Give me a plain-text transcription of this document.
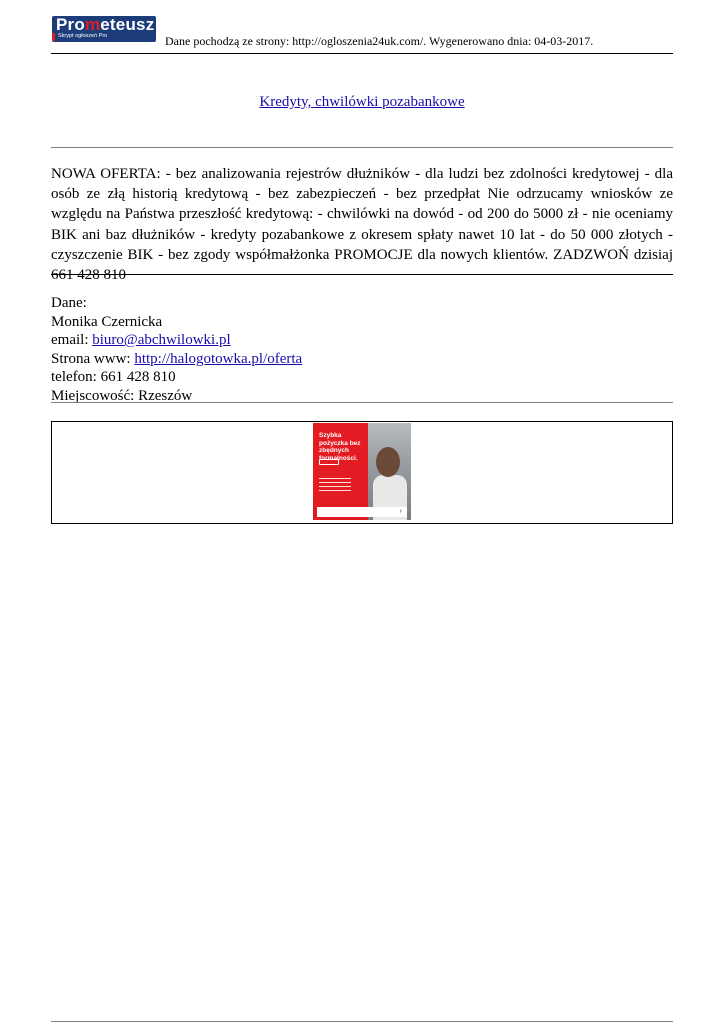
Prometeusz
Skrypt ogłoszeń Pro	Dane pochodzą ze strony: http://ogloszenia24uk.com/. Wygenerowano dnia: 04-03-2017.
Kredyty, chwilówki pozabankowe
NOWA OFERTA: - bez analizowania rejestrów dłużników - dla ludzi bez zdolności kredytowej - dla osób ze złą historią kredytową - bez zabezpieczeń - bez przedpłat Nie odrzucamy wniosków ze względu na Państwa przeszłość kredytową: - chwilówki na dowód - od 200 do 5000 zł - nie oceniamy BIK ani baz dłużników - kredyty pozabankowe z okresem spłaty nawet 10 lat - do 50 000 złotych - czyszczenie BIK - bez zgody współmałżonka PROMOCJE dla nowych klientów. ZADZWOŃ dzisiaj 661 428 810
Dane:
Monika Czernicka
email: biuro@abchwilowki.pl
Strona www: http://halogotowka.pl/oferta
telefon: 661 428 810
Miejscowość: Rzeszów
Szybka pożyczka bez zbędnych formalności.
›
